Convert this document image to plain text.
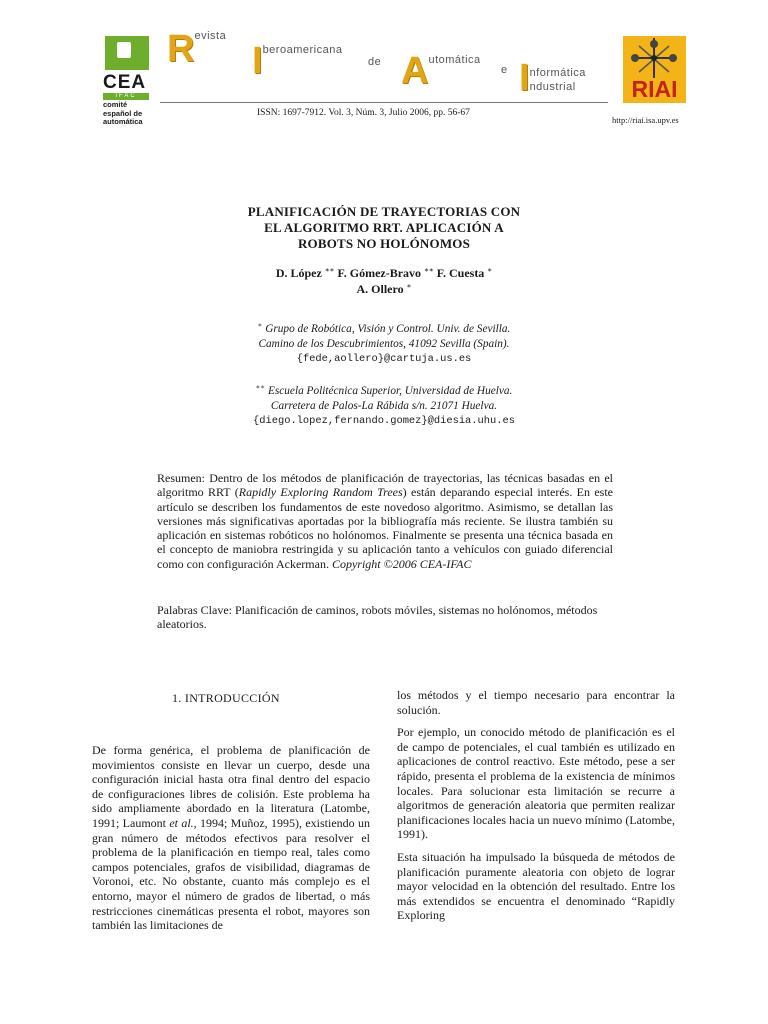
CEA
IFAC
comité
español de
automática
$R^{evista}$
$I^{beroamericana}$
de $A^{utomática}$
e I nformática
ndustrial
ISSN: 1697-7912. Vol. 3, Núm. 3, Julio 2006, pp. 56-67
http://riai.isa.upv.es
RIAI
PLANIFICACIÓN DE TRAYECTORIAS CON
EL ALGORITMO RRT. APLICACIÓN A
ROBOTS NO HOLÓNOMOS
D. López ∗∗ F. Gómez-Bravo ∗∗ F. Cuesta ∗
A. Ollero ∗
∗ Grupo de Robótica, Visión y Control. Univ. de Sevilla.
Camino de los Descubrimientos, 41092 Sevilla (Spain).
{fede,aollero}@cartuja.us.es
∗∗ Escuela Politécnica Superior, Universidad de Huelva.
Carretera de Palos-La Rábida s/n. 21071 Huelva.
{diego.lopez,fernando.gomez}@diesia.uhu.es
Resumen: Dentro de los métodos de planificación de trayectorias, las técnicas basadas en el algoritmo RRT (Rapidly Exploring Random Trees) están deparando especial interés. En este artículo se describen los fundamentos de este novedoso algoritmo. Asimismo, se detallan las versiones más significativas aportadas por la bibliografía más reciente. Se ilustra también su aplicación en sistemas robóticos no holónomos. Finalmente se presenta una técnica basada en el concepto de maniobra restringida y su aplicación tanto a vehículos con guiado diferencial como con configuración Ackerman. Copyright ©2006 CEA-IFAC
Palabras Clave: Planificación de caminos, robots móviles, sistemas no holónomos, métodos aleatorios.
1. INTRODUCCIÓN

De forma genérica, el problema de planificación de movimientos consiste en llevar un cuerpo, desde una configuración inicial hasta otra final dentro del espacio de configuraciones libres de colisión. Este problema ha sido ampliamente abordado en la literatura (Latombe, 1991; Laumont et al., 1994; Muñoz, 1995), existiendo un gran número de métodos efectivos para resolver el problema de la planificación en tiempo real, tales como campos potenciales, grafos de visibilidad, diagramas de Voronoi, etc. No obstante, cuanto más complejo es el entorno, mayor el número de grados de libertad, o más restricciones cinemáticas presenta el robot, mayores son también las limitaciones de

los métodos y el tiempo necesario para encontrar la solución.

Por ejemplo, un conocido método de planificación es el de campo de potenciales, el cual también es utilizado en aplicaciones de control reactivo. Este método, pese a ser rápido, presenta el problema de la existencia de mínimos locales. Para solucionar esta limitación se recurre a algoritmos de generación aleatoria que permiten realizar planificaciones locales hacia un nuevo mínimo (Latombe, 1991).

Esta situación ha impulsado la búsqueda de métodos de planificación puramente aleatoria con objeto de lograr mayor velocidad en la obtención del resultado. Entre los más extendidos se encuentra el denominado “Rapidly Exploring
